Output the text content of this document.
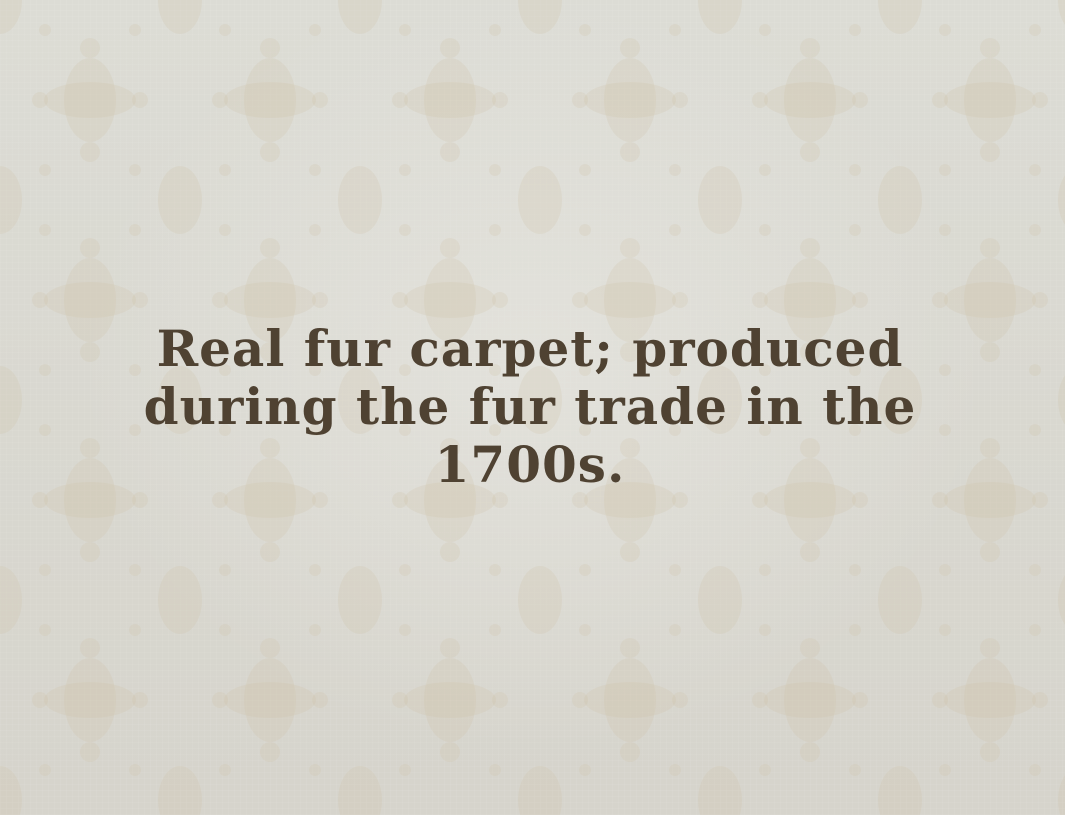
Real fur carpet; produced during the fur trade in the 1700s.
